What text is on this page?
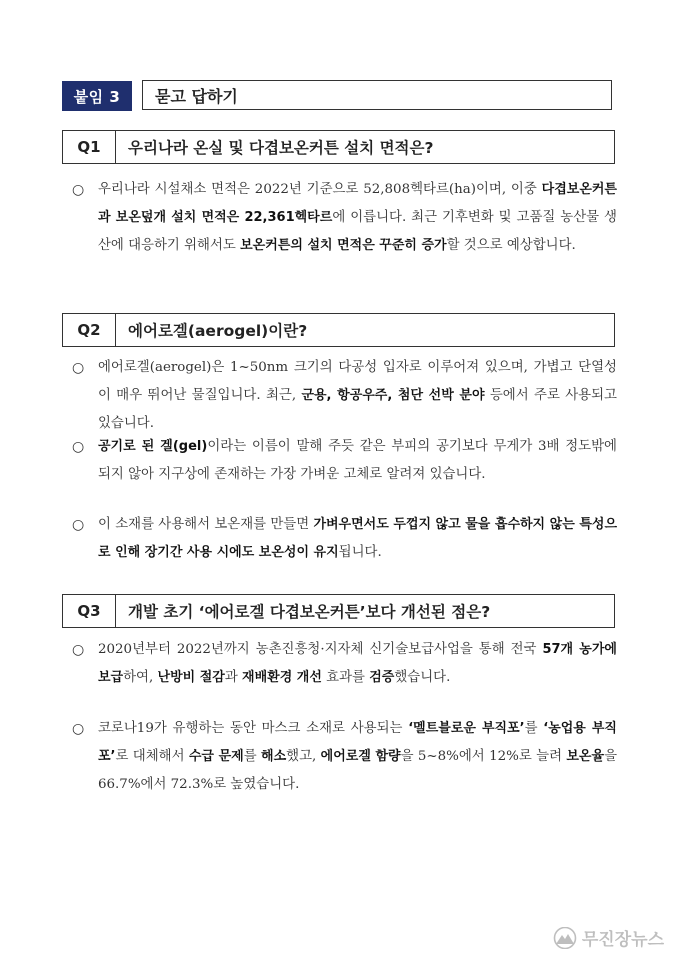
붙임 3	묻고 답하기
Q1	우리나라 온실 및 다겹보온커튼 설치 면적은?
○ 우리나라 시설채소 면적은 2022년 기준으로 52,808헥타르(ha)이며, 이중 다겹보온커튼과 보온덮개 설치 면적은 22,361헥타르에 이릅니다. 최근 기후변화 및 고품질 농산물 생산에 대응하기 위해서도 보온커튼의 설치 면적은 꾸준히 증가할 것으로 예상합니다.
Q2	에어로겔(aerogel)이란?
○ 에어로겔(aerogel)은 1~50nm 크기의 다공성 입자로 이루어져 있으며, 가볍고 단열성이 매우 뛰어난 물질입니다. 최근, 군용, 항공우주, 첨단 선박 분야 등에서 주로 사용되고 있습니다.
○ 공기로 된 겔(gel)이라는 이름이 말해 주듯 같은 부피의 공기보다 무게가 3배 정도밖에 되지 않아 지구상에 존재하는 가장 가벼운 고체로 알려져 있습니다.
○ 이 소재를 사용해서 보온재를 만들면 가벼우면서도 두껍지 않고 물을 흡수하지 않는 특성으로 인해 장기간 사용 시에도 보온성이 유지됩니다.
Q3	개발 초기 ‘에어로겔 다겹보온커튼’보다 개선된 점은?
○ 2020년부터 2022년까지 농촌진흥청·지자체 신기술보급사업을 통해 전국 57개 농가에 보급하여, 난방비 절감과 재배환경 개선 효과를 검증했습니다.
○ 코로나19가 유행하는 동안 마스크 소재로 사용되는 ‘멜트블로운 부직포’를 ‘농업용 부직포’로 대체해서 수급 문제를 해소했고, 에어로겔 함량을 5~8%에서 12%로 늘려 보온율을 66.7%에서 72.3%로 높였습니다.
무진장뉴스
